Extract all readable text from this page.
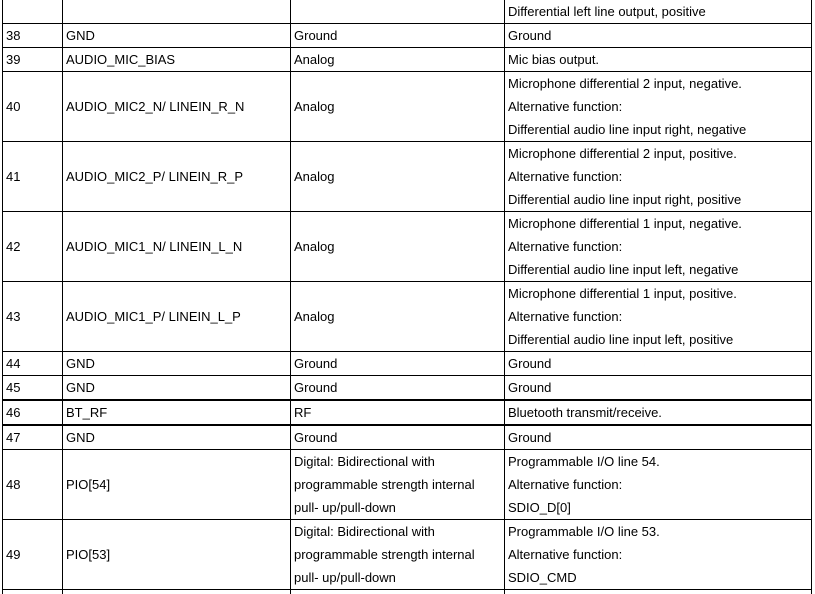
			Differential left line output, positive

38	GND	Ground	Ground

39	AUDIO_MIC_BIAS	Analog	Mic bias output.

40	AUDIO_MIC2_N/ LINEIN_R_N	Analog	Microphone differential 2 input, negative.
Alternative function:
Differential audio line input right, negative

41	AUDIO_MIC2_P/ LINEIN_R_P	Analog	Microphone differential 2 input, positive.
Alternative function:
Differential audio line input right, positive

42	AUDIO_MIC1_N/ LINEIN_L_N	Analog	Microphone differential 1 input, negative.
Alternative function:
Differential audio line input left, negative

43	AUDIO_MIC1_P/ LINEIN_L_P	Analog	Microphone differential 1 input, positive.
Alternative function:
Differential audio line input left, positive

44	GND	Ground	Ground

45	GND	Ground	Ground

46	BT_RF	RF	Bluetooth transmit/receive.

47	GND	Ground	Ground

48	PIO[54]	Digital: Bidirectional with
programmable strength internal
pull- up/pull-down	Programmable I/O line 54.
Alternative function:
SDIO_D[0]

49	PIO[53]	Digital: Bidirectional with
programmable strength internal
pull- up/pull-down	Programmable I/O line 53.
Alternative function:
SDIO_CMD
